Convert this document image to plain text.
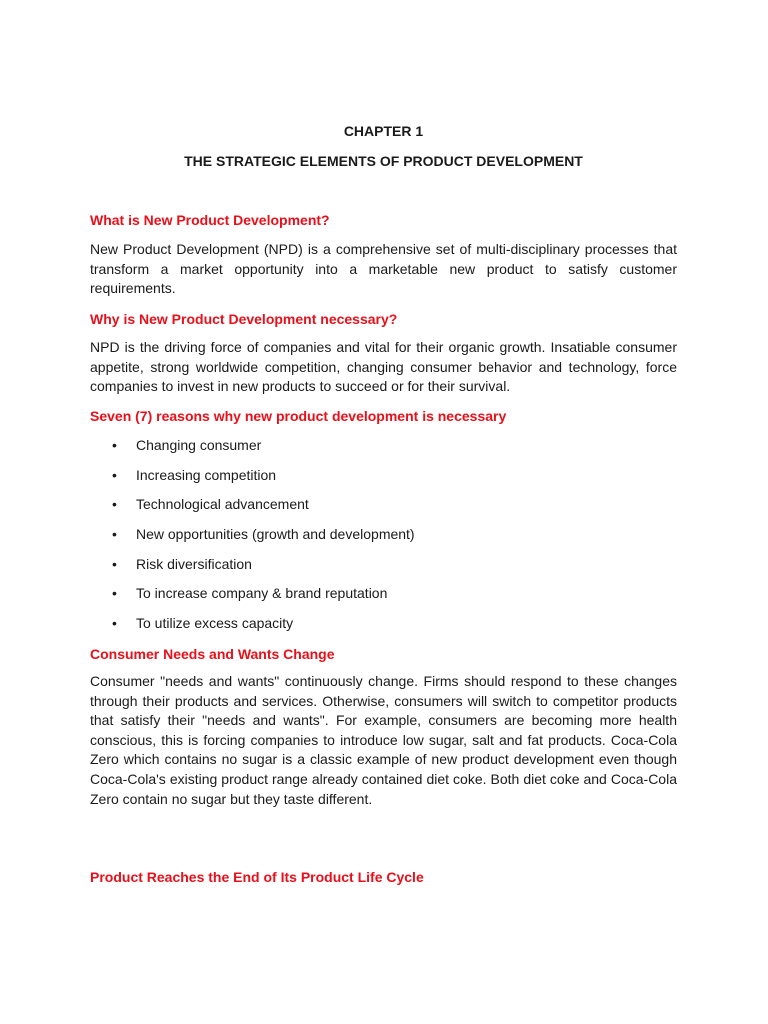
CHAPTER 1
THE STRATEGIC ELEMENTS OF PRODUCT DEVELOPMENT
What is New Product Development?
New Product Development (NPD) is a comprehensive set of multi-disciplinary processes that transform a market opportunity into a marketable new product to satisfy customer requirements.
Why is New Product Development necessary?
NPD is the driving force of companies and vital for their organic growth. Insatiable consumer appetite, strong worldwide competition, changing consumer behavior and technology, force companies to invest in new products to succeed or for their survival.
Seven (7) reasons why new product development is necessary
• Changing consumer
• Increasing competition
• Technological advancement
• New opportunities (growth and development)
• Risk diversification
• To increase company & brand reputation
• To utilize excess capacity
Consumer Needs and Wants Change
Consumer "needs and wants" continuously change. Firms should respond to these changes through their products and services. Otherwise, consumers will switch to competitor products that satisfy their "needs and wants". For example, consumers are becoming more health conscious, this is forcing companies to introduce low sugar, salt and fat products. Coca-Cola Zero which contains no sugar is a classic example of new product development even though Coca-Cola's existing product range already contained diet coke. Both diet coke and Coca-Cola Zero contain no sugar but they taste different.
Product Reaches the End of Its Product Life Cycle
